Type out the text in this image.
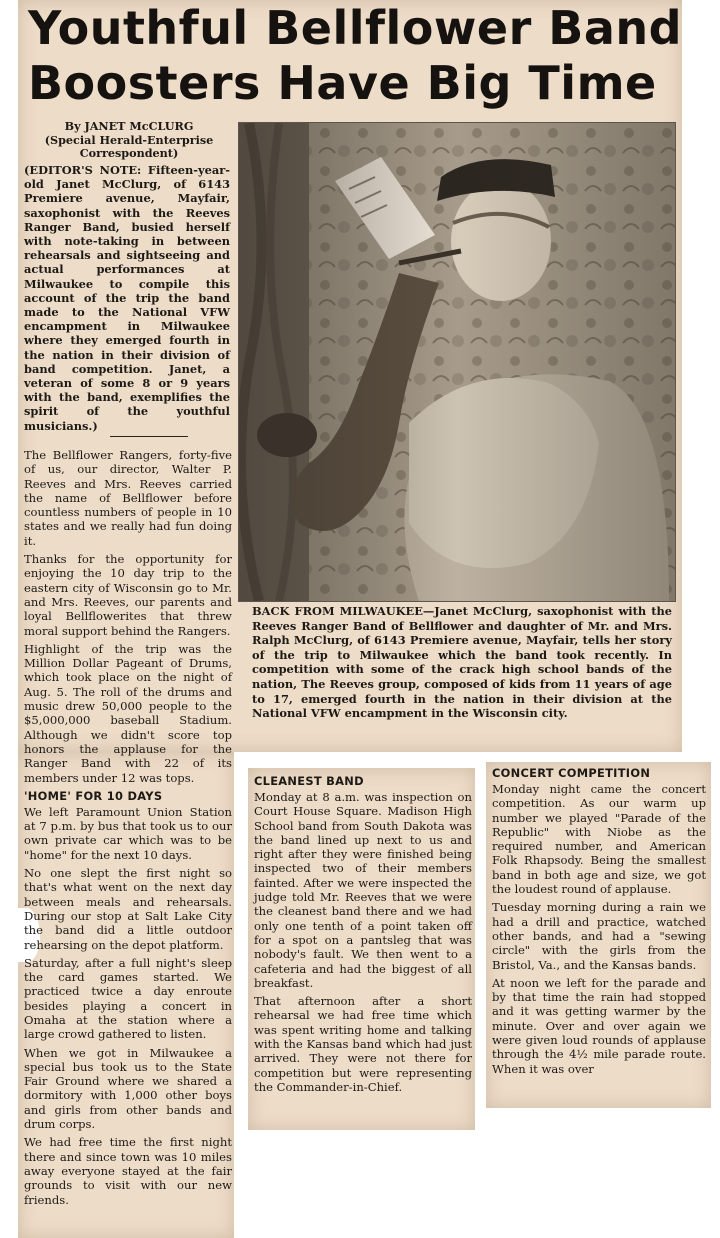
Youthful Bellflower Band
Boosters Have Big Time

By JANET McCLURG

(Special Herald-Enterprise

Correspondent)

(EDITOR'S NOTE: Fifteen-year-old Janet McClurg, of 6143 Premiere avenue, Mayfair, saxophonist with the Reeves Ranger Band, busied herself with note-taking in between rehearsals and sightseeing and actual performances at Milwaukee to compile this account of the trip the band made to the National VFW encampment in Milwaukee where they emerged fourth in the nation in their division of band competition. Janet, a veteran of some 8 or 9 years with the band, exemplifies the spirit of the youthful musicians.)

The Bellflower Rangers, forty-five of us, our director, Walter P. Reeves and Mrs. Reeves carried the name of Bellflower before countless numbers of people in 10 states and we really had fun doing it.

Thanks for the opportunity for enjoying the 10 day trip to the eastern city of Wisconsin go to Mr. and Mrs. Reeves, our parents and loyal Bellflowerites that threw moral support behind the Rangers.

Highlight of the trip was the Million Dollar Pageant of Drums, which took place on the night of Aug. 5. The roll of the drums and music drew 50,000 people to the $5,000,000 baseball Stadium. Although we didn't score top honors the applause for the Ranger Band with 22 of its members under 12 was tops.

'HOME' FOR 10 DAYS

We left Paramount Union Station at 7 p.m. by bus that took us to our own private car which was to be "home" for the next 10 days.

No one slept the first night so that's what went on the next day between meals and rehearsals. During our stop at Salt Lake City the band did a little outdoor rehearsing on the depot platform.

Saturday, after a full night's sleep the card games started. We practiced twice a day enroute besides playing a concert in Omaha at the station where a large crowd gathered to listen.

When we got in Milwaukee a special bus took us to the State Fair Ground where we shared a dormitory with 1,000 other boys and girls from other bands and drum corps.

We had free time the first night there and since town was 10 miles away everyone stayed at the fair grounds to visit with our new friends.

BACK FROM MILWAUKEE—Janet McClurg, saxophonist with the Reeves Ranger Band of Bellflower and daughter of Mr. and Mrs. Ralph McClurg, of 6143 Premiere avenue, Mayfair, tells her story of the trip to Milwaukee which the band took recently. In competition with some of the crack high school bands of the nation, The Reeves group, composed of kids from 11 years of age to 17, emerged fourth in the nation in their division at the National VFW encampment in the Wisconsin city.

CLEANEST BAND

Monday at 8 a.m. was inspection on Court House Square. Madison High School band from South Dakota was the band lined up next to us and right after they were finished being inspected two of their members fainted. After we were inspected the judge told Mr. Reeves that we were the cleanest band there and we had only one tenth of a point taken off for a spot on a pantsleg that was nobody's fault. We then went to a cafeteria and had the biggest of all breakfast.

That afternoon after a short rehearsal we had free time which was spent writing home and talking with the Kansas band which had just arrived. They were not there for competition but were representing the Commander-in-Chief.

CONCERT COMPETITION

Monday night came the concert competition. As our warm up number we played "Parade of the Republic" with Niobe as the required number, and American Folk Rhapsody. Being the smallest band in both age and size, we got the loudest round of applause.

Tuesday morning during a rain we had a drill and practice, watched other bands, and had a "sewing circle" with the girls from the Bristol, Va., and the Kansas bands.

At noon we left for the parade and by that time the rain had stopped and it was getting warmer by the minute. Over and over again we were given loud rounds of applause through the 4½ mile parade route. When it was over
